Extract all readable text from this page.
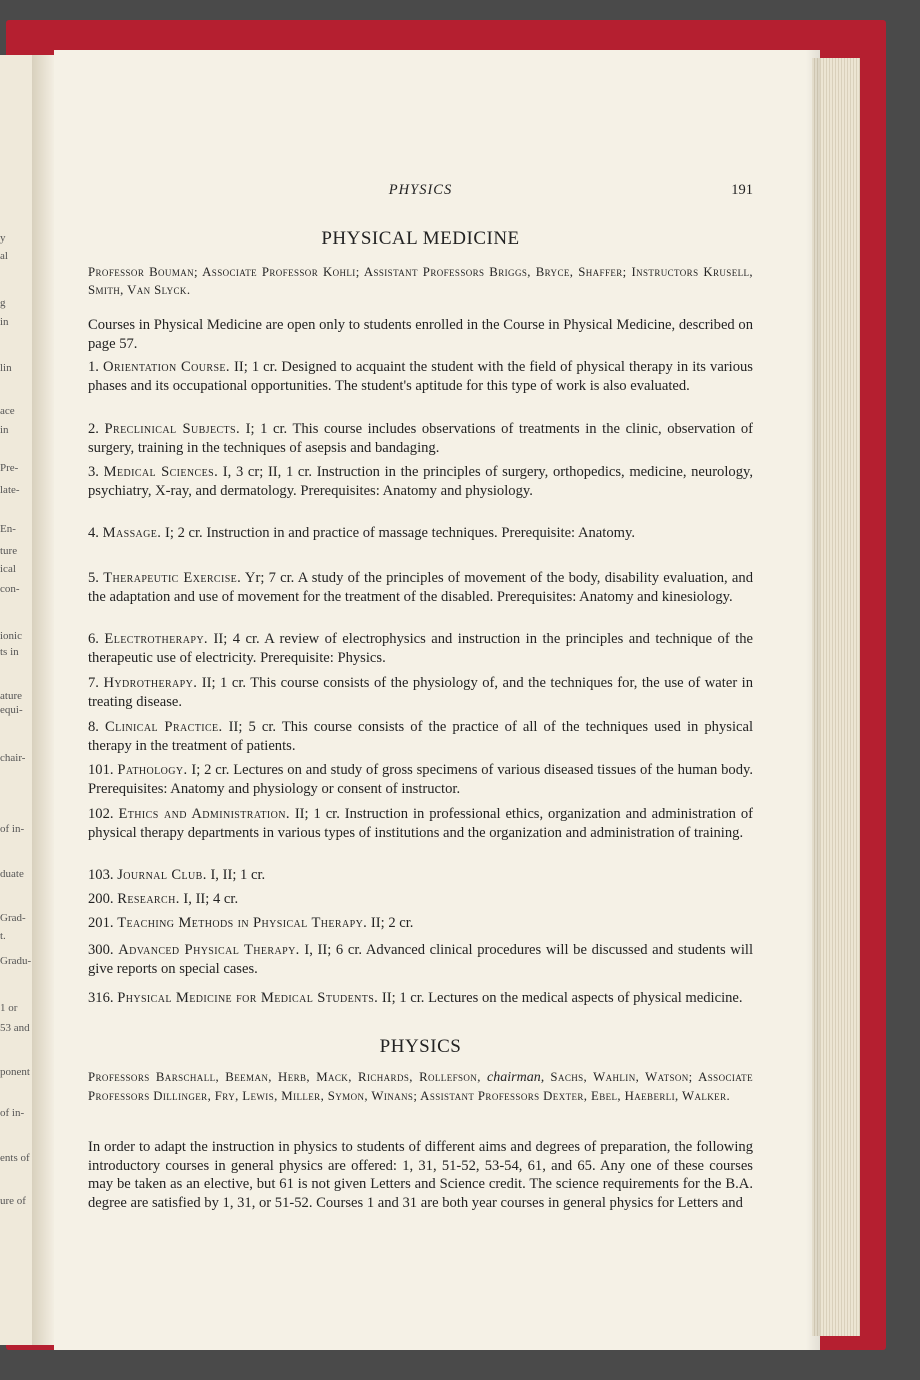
y
al
g
in
lin
ace
in
Pre-
late-
En-
ture
ical
con-
ionic
ts in
ature
equi-
chair-
of in-
duate
Grad-
t.
Gradu-
1 or
53 and
ponent
of in-
ents of
ure of
PHYSICS	191
PHYSICAL MEDICINE
Professor Bouman; Associate Professor Kohli; Assistant Professors Briggs, Bryce, Shaffer; Instructors Krusell, Smith, Van Slyck.
Courses in Physical Medicine are open only to students enrolled in the Course in Physical Medicine, described on page 57.
1. Orientation Course. II; 1 cr. Designed to acquaint the student with the field of physical therapy in its various phases and its occupational opportunities. The student's aptitude for this type of work is also evaluated.
2. Preclinical Subjects. I; 1 cr. This course includes observations of treatments in the clinic, observation of surgery, training in the techniques of asepsis and bandaging.
3. Medical Sciences. I, 3 cr; II, 1 cr. Instruction in the principles of surgery, orthopedics, medicine, neurology, psychiatry, X-ray, and dermatology. Prerequisites: Anatomy and physiology.
4. Massage. I; 2 cr. Instruction in and practice of massage techniques. Prerequisite: Anatomy.
5. Therapeutic Exercise. Yr; 7 cr. A study of the principles of movement of the body, disability evaluation, and the adaptation and use of movement for the treatment of the disabled. Prerequisites: Anatomy and kinesiology.
6. Electrotherapy. II; 4 cr. A review of electrophysics and instruction in the principles and technique of the therapeutic use of electricity. Prerequisite: Physics.
7. Hydrotherapy. II; 1 cr. This course consists of the physiology of, and the techniques for, the use of water in treating disease.
8. Clinical Practice. II; 5 cr. This course consists of the practice of all of the techniques used in physical therapy in the treatment of patients.
101. Pathology. I; 2 cr. Lectures on and study of gross specimens of various diseased tissues of the human body. Prerequisites: Anatomy and physiology or consent of instructor.
102. Ethics and Administration. II; 1 cr. Instruction in professional ethics, organization and administration of physical therapy departments in various types of institutions and the organization and administration of training.
103. Journal Club. I, II; 1 cr.
200. Research. I, II; 4 cr.
201. Teaching Methods in Physical Therapy. II; 2 cr.
300. Advanced Physical Therapy. I, II; 6 cr. Advanced clinical procedures will be discussed and students will give reports on special cases.
316. Physical Medicine for Medical Students. II; 1 cr. Lectures on the medical aspects of physical medicine.
PHYSICS
Professors Barschall, Beeman, Herb, Mack, Richards, Rollefson, chairman, Sachs, Wahlin, Watson; Associate Professors Dillinger, Fry, Lewis, Miller, Symon, Winans; Assistant Professors Dexter, Ebel, Haeberli, Walker.
In order to adapt the instruction in physics to students of different aims and degrees of preparation, the following introductory courses in general physics are offered: 1, 31, 51-52, 53-54, 61, and 65. Any one of these courses may be taken as an elective, but 61 is not given Letters and Science credit. The science requirements for the B.A. degree are satisfied by 1, 31, or 51-52. Courses 1 and 31 are both year courses in general physics for Letters and
